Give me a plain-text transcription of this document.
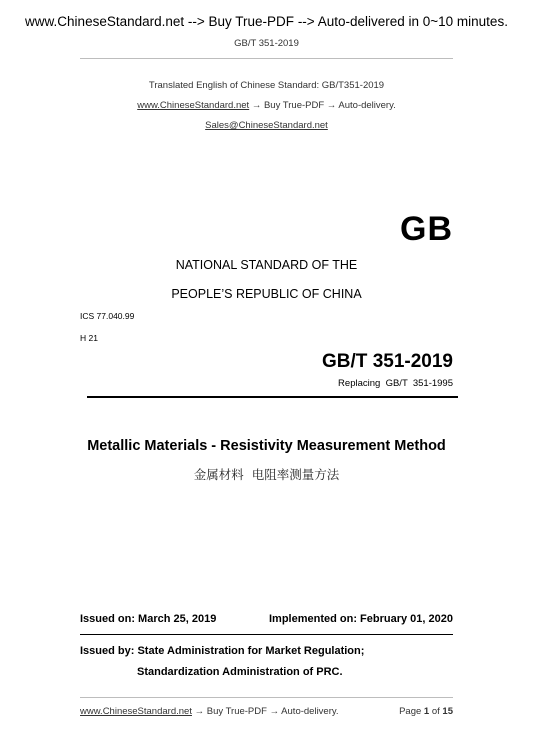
www.ChineseStandard.net --> Buy True-PDF --> Auto-delivered in 0~10 minutes.
GB/T 351-2019
Translated English of Chinese Standard: GB/T351-2019
www.ChineseStandard.net → Buy True-PDF → Auto-delivery.
Sales@ChineseStandard.net
GB
NATIONAL STANDARD OF THE
PEOPLE’S REPUBLIC OF CHINA
ICS 77.040.99
H 21
GB/T 351-2019
Replacing  GB/T  351-1995
Metallic Materials - Resistivity Measurement Method
金属材料  电阻率测量方法
Issued on: March 25, 2019	Implemented on: February 01, 2020
Issued by: State Administration for Market Regulation;
Standardization Administration of PRC.
www.ChineseStandard.net → Buy True-PDF → Auto-delivery.	Page 1 of 15
